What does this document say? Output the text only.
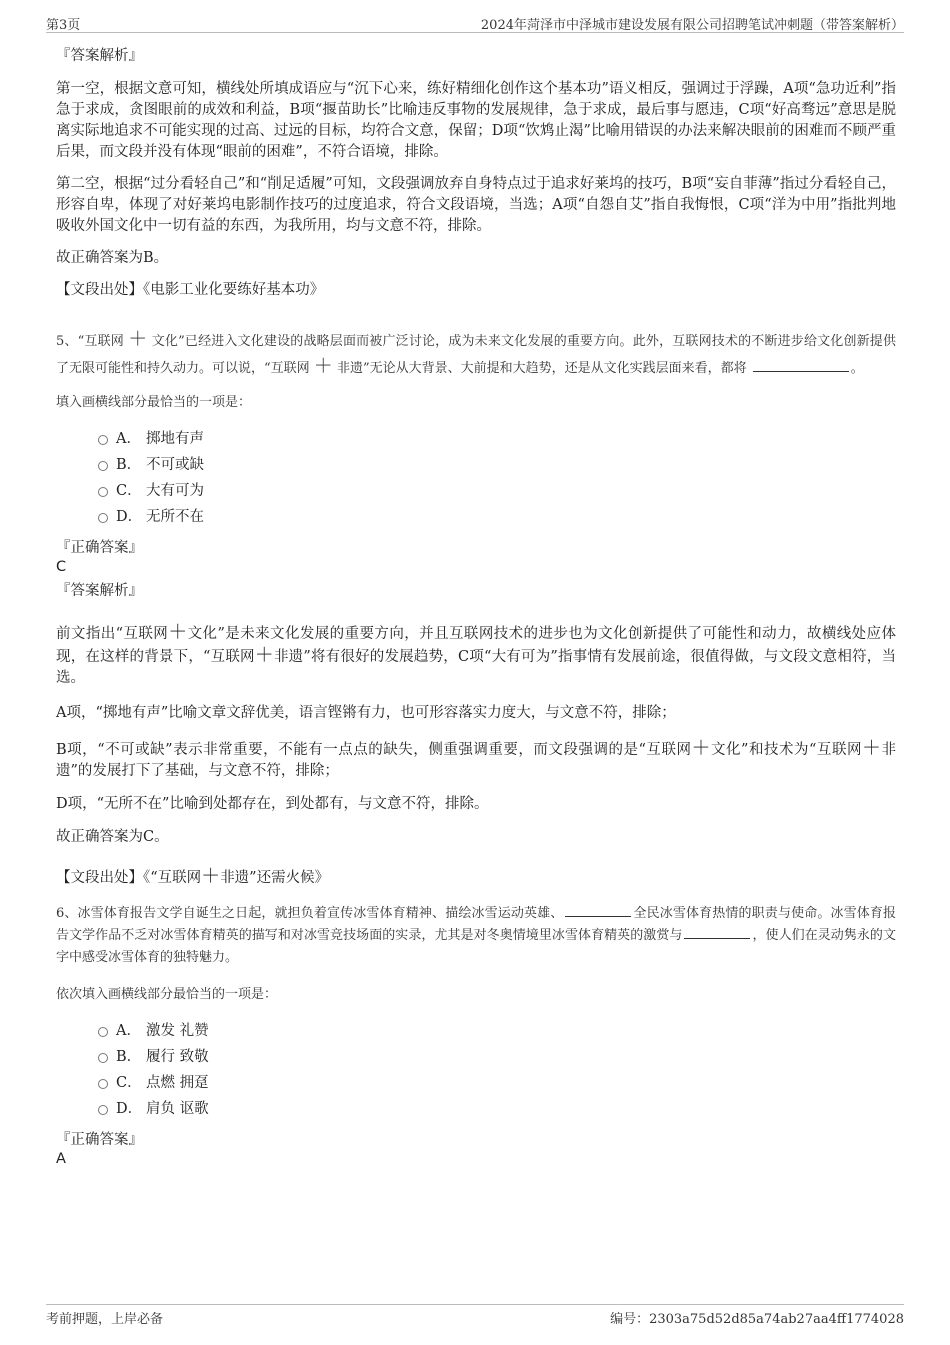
第3页	2024年菏泽市中泽城市建设发展有限公司招聘笔试冲刺题（带答案解析）
『答案解析』

第一空，根据文意可知，横线处所填成语应与“沉下心来，练好精细化创作这个基本功”语义相反，强调过于浮躁，A项“急功近利”指急于求成，贪图眼前的成效和利益，B项“揠苗助长”比喻违反事物的发展规律，急于求成，最后事与愿违，C项“好高骛远”意思是脱离实际地追求不可能实现的过高、过远的目标，均符合文意，保留；D项“饮鸩止渴”比喻用错误的办法来解决眼前的困难而不顾严重后果，而文段并没有体现“眼前的困难”，不符合语境，排除。

第二空，根据“过分看轻自己”和“削足适履”可知，文段强调放弃自身特点过于追求好莱坞的技巧，B项“妄自菲薄”指过分看轻自己，形容自卑，体现了对好莱坞电影制作技巧的过度追求，符合文段语境，当选；A项“自怨自艾”指自我悔恨，C项“洋为中用”指批判地吸收外国文化中一切有益的东西，为我所用，均与文意不符，排除。

故正确答案为B。

【文段出处】《电影工业化要练好基本功》

5、“互联网 ＋ 文化”已经进入文化建设的战略层面而被广泛讨论，成为未来文化发展的重要方向。此外，互联网技术的不断进步给文化创新提供了无限可能性和持久动力。可以说，“互联网 ＋ 非遗”无论从大背景、大前提和大趋势，还是从文化实践层面来看，都将	。
填入画横线部分最恰当的一项是：
A． 掷地有声
B． 不可或缺
C． 大有可为
D． 无所不在
『正确答案』
C
『答案解析』

前文指出“互联网＋文化”是未来文化发展的重要方向，并且互联网技术的进步也为文化创新提供了可能性和动力，故横线处应体现，在这样的背景下，“互联网＋非遗”将有很好的发展趋势，C项“大有可为”指事情有发展前途，很值得做，与文段文意相符，当选。

A项，“掷地有声”比喻文章文辞优美，语言铿锵有力，也可形容落实力度大，与文意不符，排除；

B项，“不可或缺”表示非常重要，不能有一点点的缺失，侧重强调重要，而文段强调的是“互联网＋文化”和技术为“互联网＋非遗”的发展打下了基础，与文意不符，排除；

D项，“无所不在”比喻到处都存在，到处都有，与文意不符，排除。

故正确答案为C。

【文段出处】《“互联网＋非遗”还需火候》

6、冰雪体育报告文学自诞生之日起，就担负着宣传冰雪体育精神、描绘冰雪运动英雄、	全民冰雪体育热情的职责与使命。冰雪体育报告文学作品不乏对冰雪体育精英的描写和对冰雪竞技场面的实录，尤其是对冬奥情境里冰雪体育精英的激赏与	，使人们在灵动隽永的文字中感受冰雪体育的独特魅力。
依次填入画横线部分最恰当的一项是：
A． 激发 礼赞
B． 履行 致敬
C． 点燃 拥趸
D． 肩负 讴歌
『正确答案』
A
考前押题，上岸必备	编号：2303a75d52d85a74ab27aa4ff1774028
